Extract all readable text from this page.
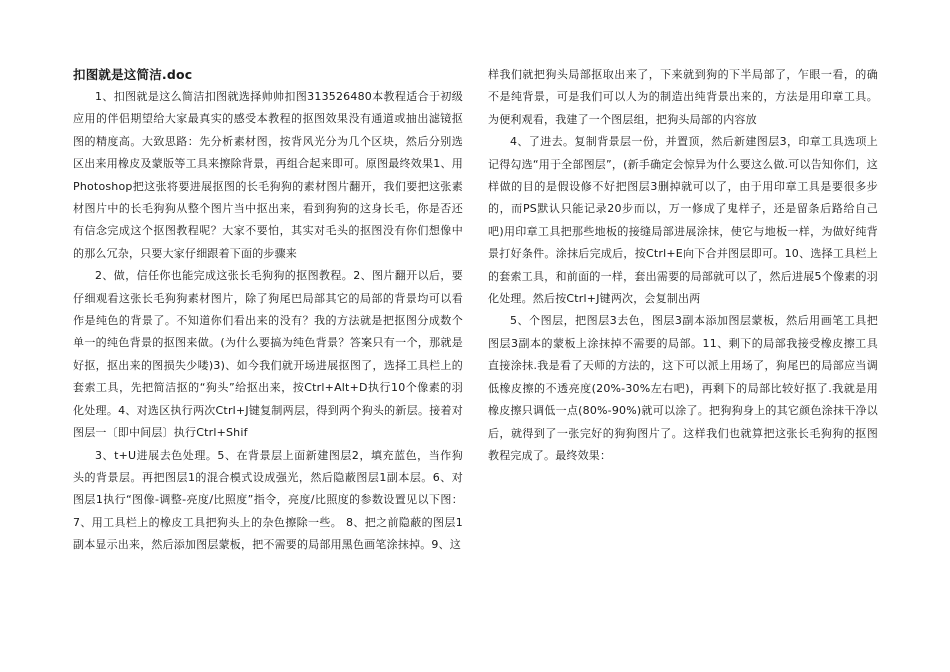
扣图就是这简洁.doc

1、扣图就是这么简洁扣图就选择帅帅扣图313526480本教程适合于初级应用的伴侣期望给大家最真实的感受本教程的抠图效果没有通道或抽出滤镜抠图的精度高。大致思路：先分析素材图，按背风光分为几个区块，然后分别选区出来用橡皮及蒙版等工具来擦除背景，再组合起来即可。原图最终效果1、用Photoshop把这张将要进展抠图的长毛狗狗的素材图片翻开，我们要把这张素材图片中的长毛狗狗从整个图片当中抠出来，看到狗狗的这身长毛，你是否还有信念完成这个抠图教程呢？大家不要怕，其实对毛头的抠图没有你们想像中的那么冗杂，只要大家仔细跟着下面的步骤来

2、做，信任你也能完成这张长毛狗狗的抠图教程。2、图片翻开以后，要仔细观看这张长毛狗狗素材图片，除了狗尾巴局部其它的局部的背景均可以看作是纯色的背景了。不知道你们看出来的没有？我的方法就是把抠图分成数个单一的纯色背景的抠图来做。(为什么要搞为纯色背景？答案只有一个，那就是好抠，抠出来的图损失少喽)3)、如今我们就开场进展抠图了，选择工具栏上的套索工具，先把简洁抠的“狗头”给抠出来，按Ctrl+Alt+D执行10个像素的羽化处理。4、对选区执行两次Ctrl+J键复制两层，得到两个狗头的新层。接着对图层一〔即中间层〕执行Ctrl+Shif

3、t+U进展去色处理。5、在背景层上面新建图层2，填充蓝色，当作狗头的背景层。再把图层1的混合模式设成强光，然后隐蔽图层1副本层。6、对图层1执行“图像-调整-亮度/比照度”指令，亮度/比照度的参数设置见以下图：7、用工具栏上的橡皮工具把狗头上的杂色擦除一些。 8、把之前隐蔽的图层1副本显示出来，然后添加图层蒙板，把不需要的局部用黑色画笔涂抹掉。9、这

样我们就把狗头局部抠取出来了，下来就到狗的下半局部了，乍眼一看，的确不是纯背景，可是我们可以人为的制造出纯背景出来的，方法是用印章工具。为便利观看，我建了一个图层组，把狗头局部的内容放

4、了进去。复制背景层一份，并置顶，然后新建图层3，印章工具选项上记得勾选“用于全部图层”，(新手确定会惊异为什么要这么做.可以告知你们，这样做的目的是假设修不好把图层3删掉就可以了，由于用印章工具是要很多步的，而PS默认只能记录20步而以，万一修成了鬼样子，还是留条后路给自己吧)用印章工具把那些地板的接缝局部进展涂抹，使它与地板一样，为做好纯背景打好条件。涂抹后完成后，按Ctrl+E向下合并图层即可。10、选择工具栏上的套索工具，和前面的一样，套出需要的局部就可以了，然后进展5个像素的羽化处理。然后按Ctrl+J键两次，会复制出两

5、个图层，把图层3去色，图层3副本添加图层蒙板，然后用画笔工具把图层3副本的蒙板上涂抹掉不需要的局部。11、剩下的局部我接受橡皮擦工具直接涂抹.我是看了天师的方法的，这下可以派上用场了，狗尾巴的局部应当调低橡皮擦的不透亮度(20%-30%左右吧)，再剩下的局部比较好抠了.我就是用橡皮擦只调低一点(80%-90%)就可以涂了。把狗狗身上的其它颜色涂抹干净以后，就得到了一张完好的狗狗图片了。这样我们也就算把这张长毛狗狗的抠图教程完成了。最终效果：
